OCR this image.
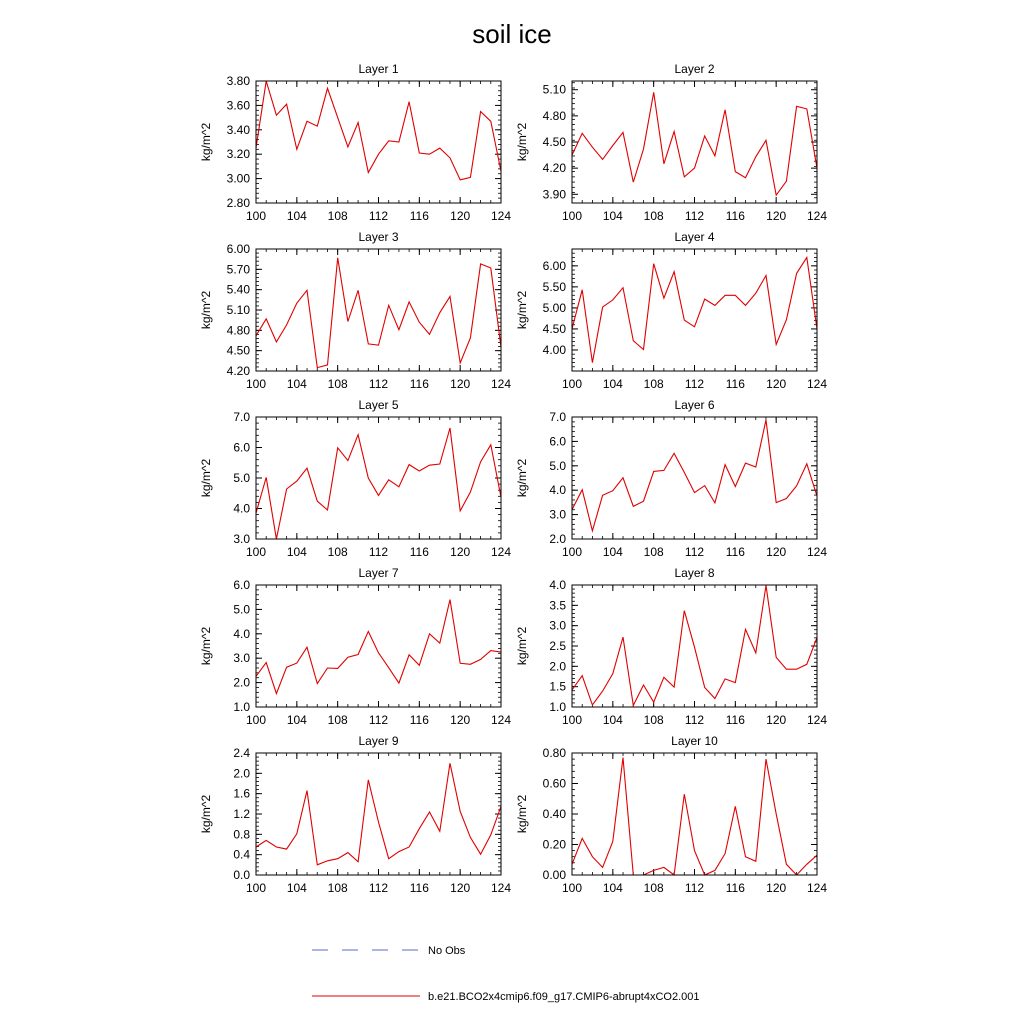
soil ice
Layer 1
kg/m^2
100 104 108 112 116 120 124
2.80
3.00
3.20
3.40
3.60
3.80
Layer 2
kg/m^2
100 104 108 112 116 120 124
3.90
4.20
4.50
4.80
5.10
Layer 3
kg/m^2
100 104 108 112 116 120 124
4.20
4.50
4.80
5.10
5.40
5.70
6.00
Layer 4
kg/m^2
100 104 108 112 116 120 124
4.00
4.50
5.00
5.50
6.00
Layer 5
kg/m^2
100 104 108 112 116 120 124
3.0
4.0
5.0
6.0
7.0
Layer 6
kg/m^2
100 104 108 112 116 120 124
2.0
3.0
4.0
5.0
6.0
7.0
Layer 7
kg/m^2
100 104 108 112 116 120 124
1.0
2.0
3.0
4.0
5.0
6.0
Layer 8
kg/m^2
100 104 108 112 116 120 124
1.0
1.5
2.0
2.5
3.0
3.5
4.0
Layer 9
kg/m^2
100 104 108 112 116 120 124
0.0
0.4
0.8
1.2
1.6
2.0
2.4
Layer 10
kg/m^2
100 104 108 112 116 120 124
0.00
0.20
0.40
0.60
0.80
No Obs
b.e21.BCO2x4cmip6.f09_g17.CMIP6-abrupt4xCO2.001
